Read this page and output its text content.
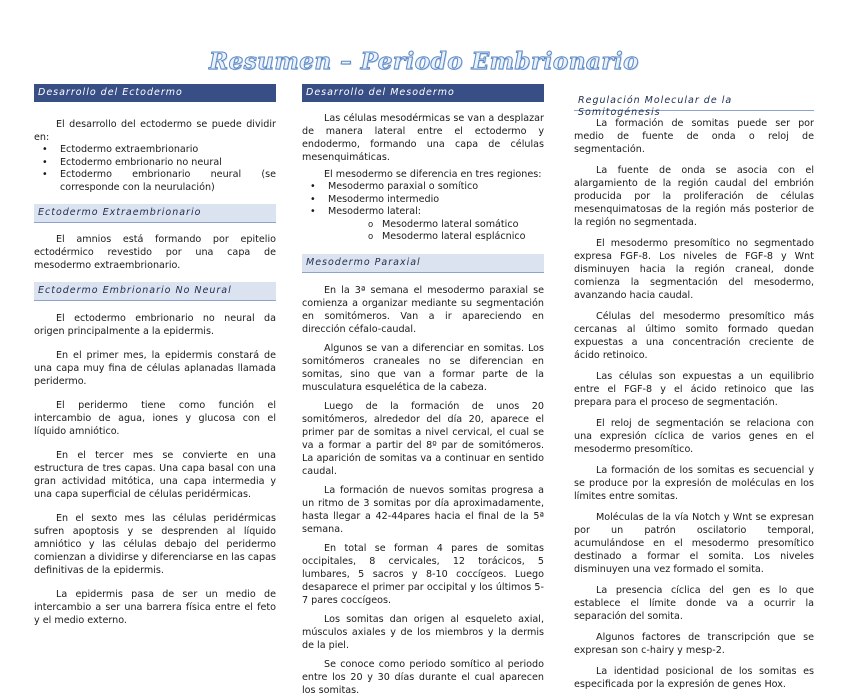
Resumen – Periodo Embrionario
Desarrollo del Ectodermo

El desarrollo del ectodermo se puede dividir en:

• Ectodermo extraembrionario
• Ectodermo embrionario no neural
• Ectodermo embrionario neural (se corresponde con la neurulación)
Ectodermo Extraembrionario

El amnios está formando por epitelio ectodérmico revestido por una capa de mesodermo extraembrionario.

Ectodermo Embrionario No Neural

El ectodermo embrionario no neural da origen principalmente a la epidermis.

En el primer mes, la epidermis constará de una capa muy fina de células aplanadas llamada peridermo.

El peridermo tiene como función el intercambio de agua, iones y glucosa con el líquido amniótico.

En el tercer mes se convierte en una estructura de tres capas. Una capa basal con una gran actividad mitótica, una capa intermedia y una capa superficial de células peridérmicas.

En el sexto mes las células peridérmicas sufren apoptosis y se desprenden al líquido amniótico y las células debajo del peridermo comienzan a dividirse y diferenciarse en las capas definitivas de la epidermis.

La epidermis pasa de ser un medio de intercambio a ser una barrera física entre el feto y el medio externo.

Desarrollo del Mesodermo

Las células mesodérmicas se van a desplazar de manera lateral entre el ectodermo y endodermo, formando una capa de células mesenquimáticas.

El mesodermo se diferencia en tres regiones:

• Mesodermo paraxial o somítico
• Mesodermo intermedio
• Mesodermo lateral:
o Mesodermo lateral somático
o Mesodermo lateral esplácnico
Mesodermo Paraxial

En la 3ª semana el mesodermo paraxial se comienza a organizar mediante su segmentación en somitómeros. Van a ir apareciendo en dirección céfalo-caudal.

Algunos se van a diferenciar en somitas. Los somitómeros craneales no se diferencian en somitas, sino que van a formar parte de la musculatura esquelética de la cabeza.

Luego de la formación de unos 20 somitómeros, alrededor del día 20, aparece el primer par de somitas a nivel cervical, el cual se va a formar a partir del 8º par de somitómeros. La aparición de somitas va a continuar en sentido caudal.

La formación de nuevos somitas progresa a un ritmo de 3 somitas por día aproximadamente, hasta llegar a 42-44pares hacia el final de la 5ª semana.

En total se forman 4 pares de somitas occipitales, 8 cervicales, 12 torácicos, 5 lumbares, 5 sacros y 8-10 coccígeos. Luego desaparece el primer par occipital y los últimos 5-7 pares coccígeos.

Los somitas dan origen al esqueleto axial, músculos axiales y de los miembros y la dermis de la piel.

Se conoce como periodo somítico al periodo entre los 20 y 30 días durante el cual aparecen los somitas.

Regulación Molecular de la Somitogénesis

La formación de somitas puede ser por medio de fuente de onda o reloj de segmentación.

La fuente de onda se asocia con el alargamiento de la región caudal del embrión producida por la proliferación de células mesenquimatosas de la región más posterior de la región no segmentada.

El mesodermo presomítico no segmentado expresa FGF-8. Los niveles de FGF-8 y Wnt disminuyen hacia la región craneal, donde comienza la segmentación del mesodermo, avanzando hacia caudal.

Células del mesodermo presomítico más cercanas al último somito formado quedan expuestas a una concentración creciente de ácido retinoico.

Las células son expuestas a un equilibrio entre el FGF-8 y el ácido retinoico que las prepara para el proceso de segmentación.

El reloj de segmentación se relaciona con una expresión cíclica de varios genes en el mesodermo presomítico.

La formación de los somitas es secuencial y se produce por la expresión de moléculas en los límites entre somitas.

Moléculas de la vía Notch y Wnt se expresan por un patrón oscilatorio temporal, acumulándose en el mesodermo presomítico destinado a formar el somita. Los niveles disminuyen una vez formado el somita.

La presencia cíclica del gen es lo que establece el límite donde va a ocurrir la separación del somita.

Algunos factores de transcripción que se expresan son c-hairy y mesp-2.

La identidad posicional de los somitas es especificada por la expresión de genes Hox.
